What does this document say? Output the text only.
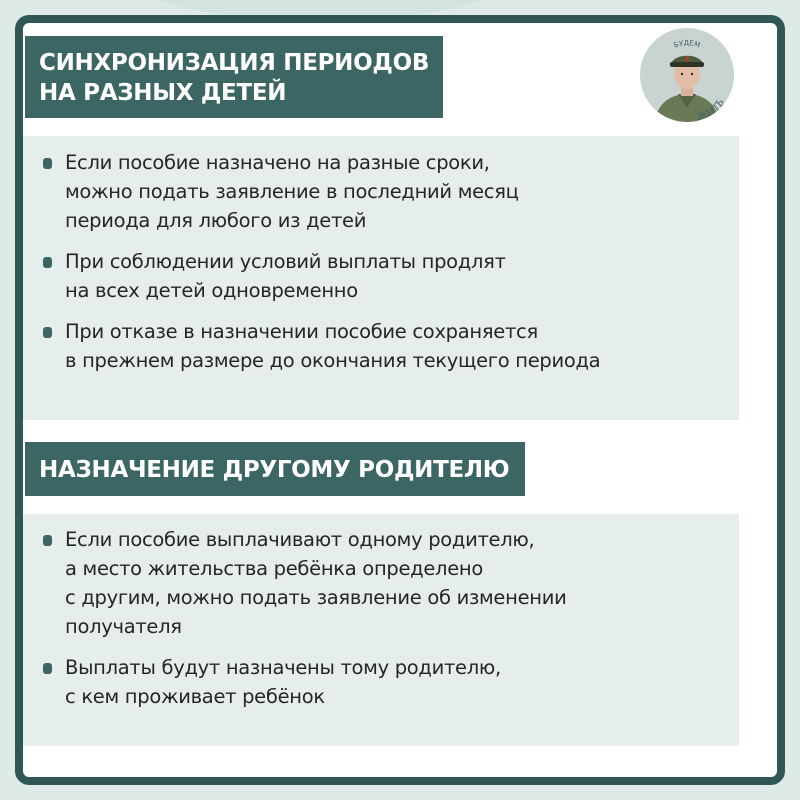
СИНХРОНИЗАЦИЯ ПЕРИОДОВ
НА РАЗНЫХ ДЕТЕЙ
БУДЕМ
ЖИТЬ
Если пособие назначено на разные сроки,
можно подать заявление в последний месяц
периода для любого из детей
При соблюдении условий выплаты продлят
на всех детей одновременно
При отказе в назначении пособие сохраняется
в прежнем размере до окончания текущего периода
НАЗНАЧЕНИЕ ДРУГОМУ РОДИТЕЛЮ
Если пособие выплачивают одному родителю,
а место жительства ребёнка определено
с другим, можно подать заявление об изменении
получателя
Выплаты будут назначены тому родителю,
с кем проживает ребёнок
